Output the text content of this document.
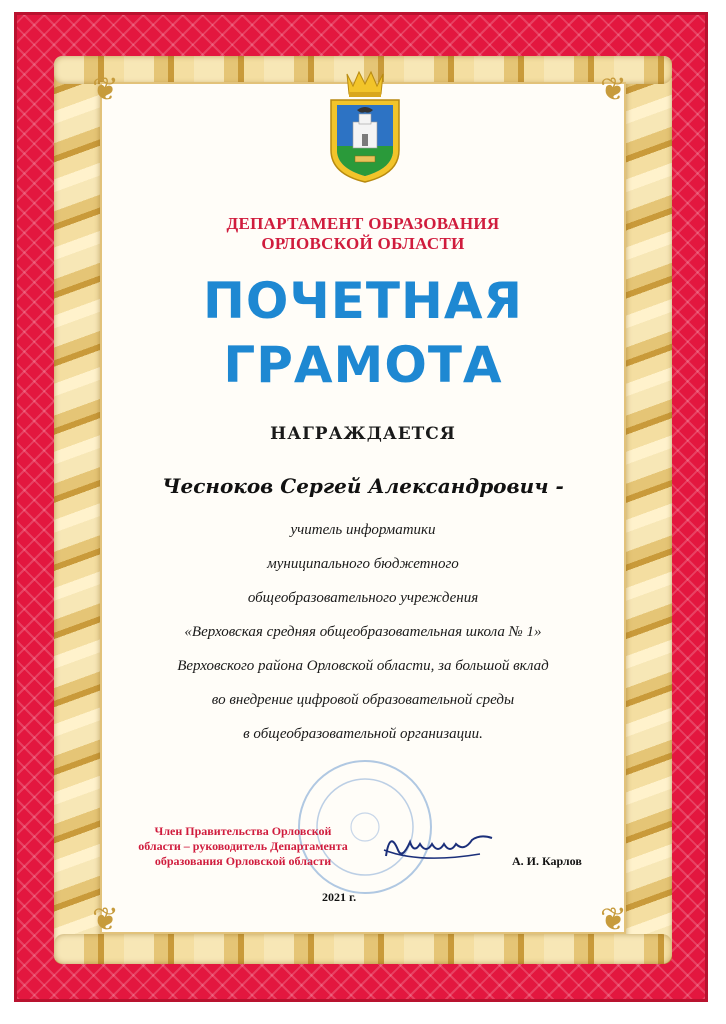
❦	❦
❦	❦
ДЕПАРТАМЕНТ ОБРАЗОВАНИЯ
ОРЛОВСКОЙ ОБЛАСТИ
ПОЧЕТНАЯ
ГРАМОТА
НАГРАЖДАЕТСЯ
Чесноков Сергей Александрович -
учитель информатики
муниципального бюджетного
общеобразовательного учреждения
«Верховская средняя общеобразовательная школа № 1»
Верховского района Орловской области, за большой вклад
во внедрение цифровой образовательной среды
в общеобразовательной организации.
Член Правительства Орловской
области – руководитель Департамента
образования Орловской области	А. И. Карлов
2021 г.
